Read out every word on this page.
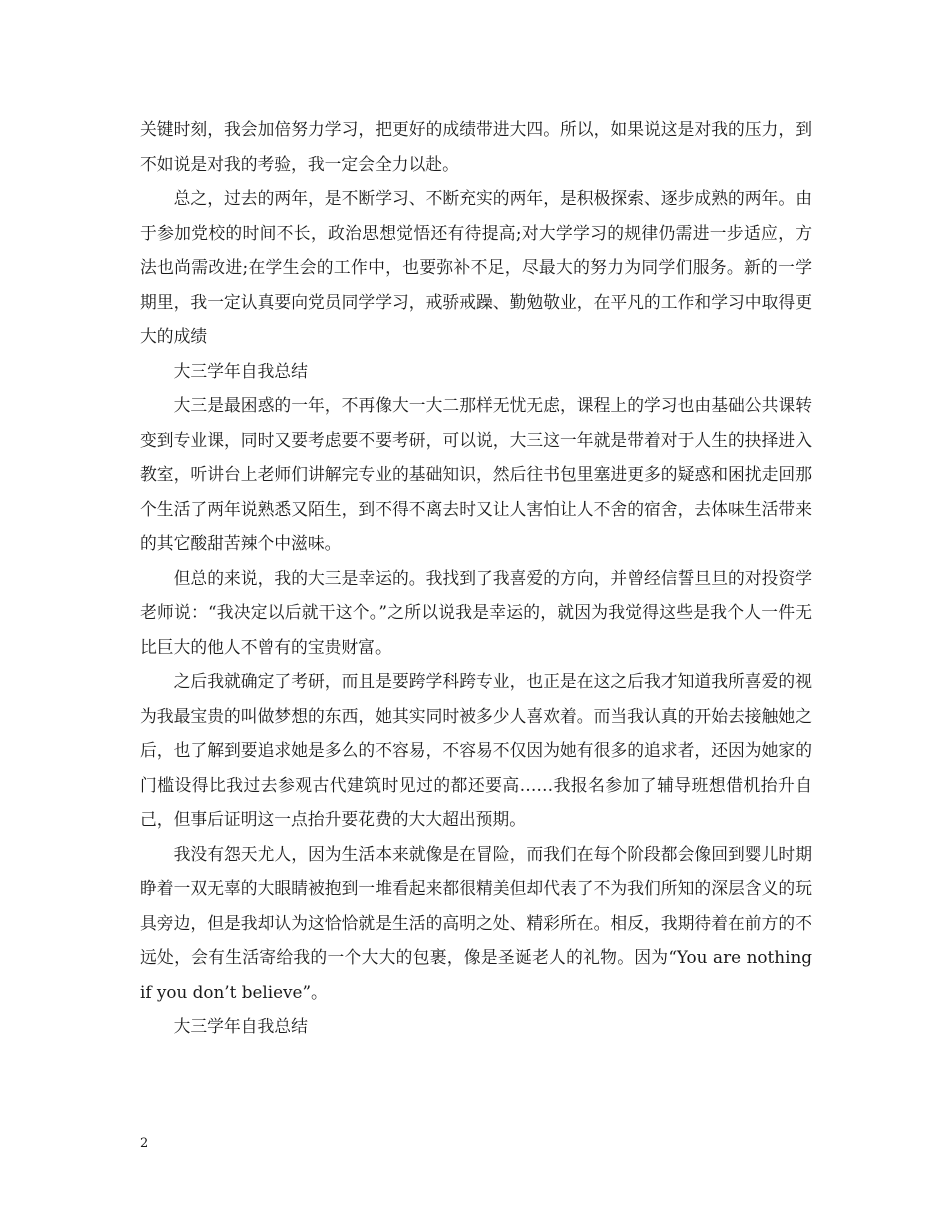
关键时刻，我会加倍努力学习，把更好的成绩带进大四。所以，如果说这是对我的压力，到不如说是对我的考验，我一定会全力以赴。

总之，过去的两年，是不断学习、不断充实的两年，是积极探索、逐步成熟的两年。由于参加党校的时间不长，政治思想觉悟还有待提高;对大学学习的规律仍需进一步适应，方法也尚需改进;在学生会的工作中，也要弥补不足，尽最大的努力为同学们服务。新的一学期里，我一定认真要向党员同学学习，戒骄戒躁、勤勉敬业，在平凡的工作和学习中取得更大的成绩

大三学年自我总结

大三是最困惑的一年，不再像大一大二那样无忧无虑，课程上的学习也由基础公共课转变到专业课，同时又要考虑要不要考研，可以说，大三这一年就是带着对于人生的抉择进入教室，听讲台上老师们讲解完专业的基础知识，然后往书包里塞进更多的疑惑和困扰走回那个生活了两年说熟悉又陌生，到不得不离去时又让人害怕让人不舍的宿舍，去体味生活带来的其它酸甜苦辣个中滋味。

但总的来说，我的大三是幸运的。我找到了我喜爱的方向，并曾经信誓旦旦的对投资学老师说：“我决定以后就干这个。”之所以说我是幸运的，就因为我觉得这些是我个人一件无比巨大的他人不曾有的宝贵财富。

之后我就确定了考研，而且是要跨学科跨专业，也正是在这之后我才知道我所喜爱的视为我最宝贵的叫做梦想的东西，她其实同时被多少人喜欢着。而当我认真的开始去接触她之后，也了解到要追求她是多么的不容易，不容易不仅因为她有很多的追求者，还因为她家的门槛设得比我过去参观古代建筑时见过的都还要高……我报名参加了辅导班想借机抬升自己，但事后证明这一点抬升要花费的大大超出预期。

我没有怨天尤人，因为生活本来就像是在冒险，而我们在每个阶段都会像回到婴儿时期睁着一双无辜的大眼睛被抱到一堆看起来都很精美但却代表了不为我们所知的深层含义的玩具旁边，但是我却认为这恰恰就是生活的高明之处、精彩所在。相反，我期待着在前方的不远处，会有生活寄给我的一个大大的包裹，像是圣诞老人的礼物。因为“You are nothing if you don’t believe”。

大三学年自我总结

2
